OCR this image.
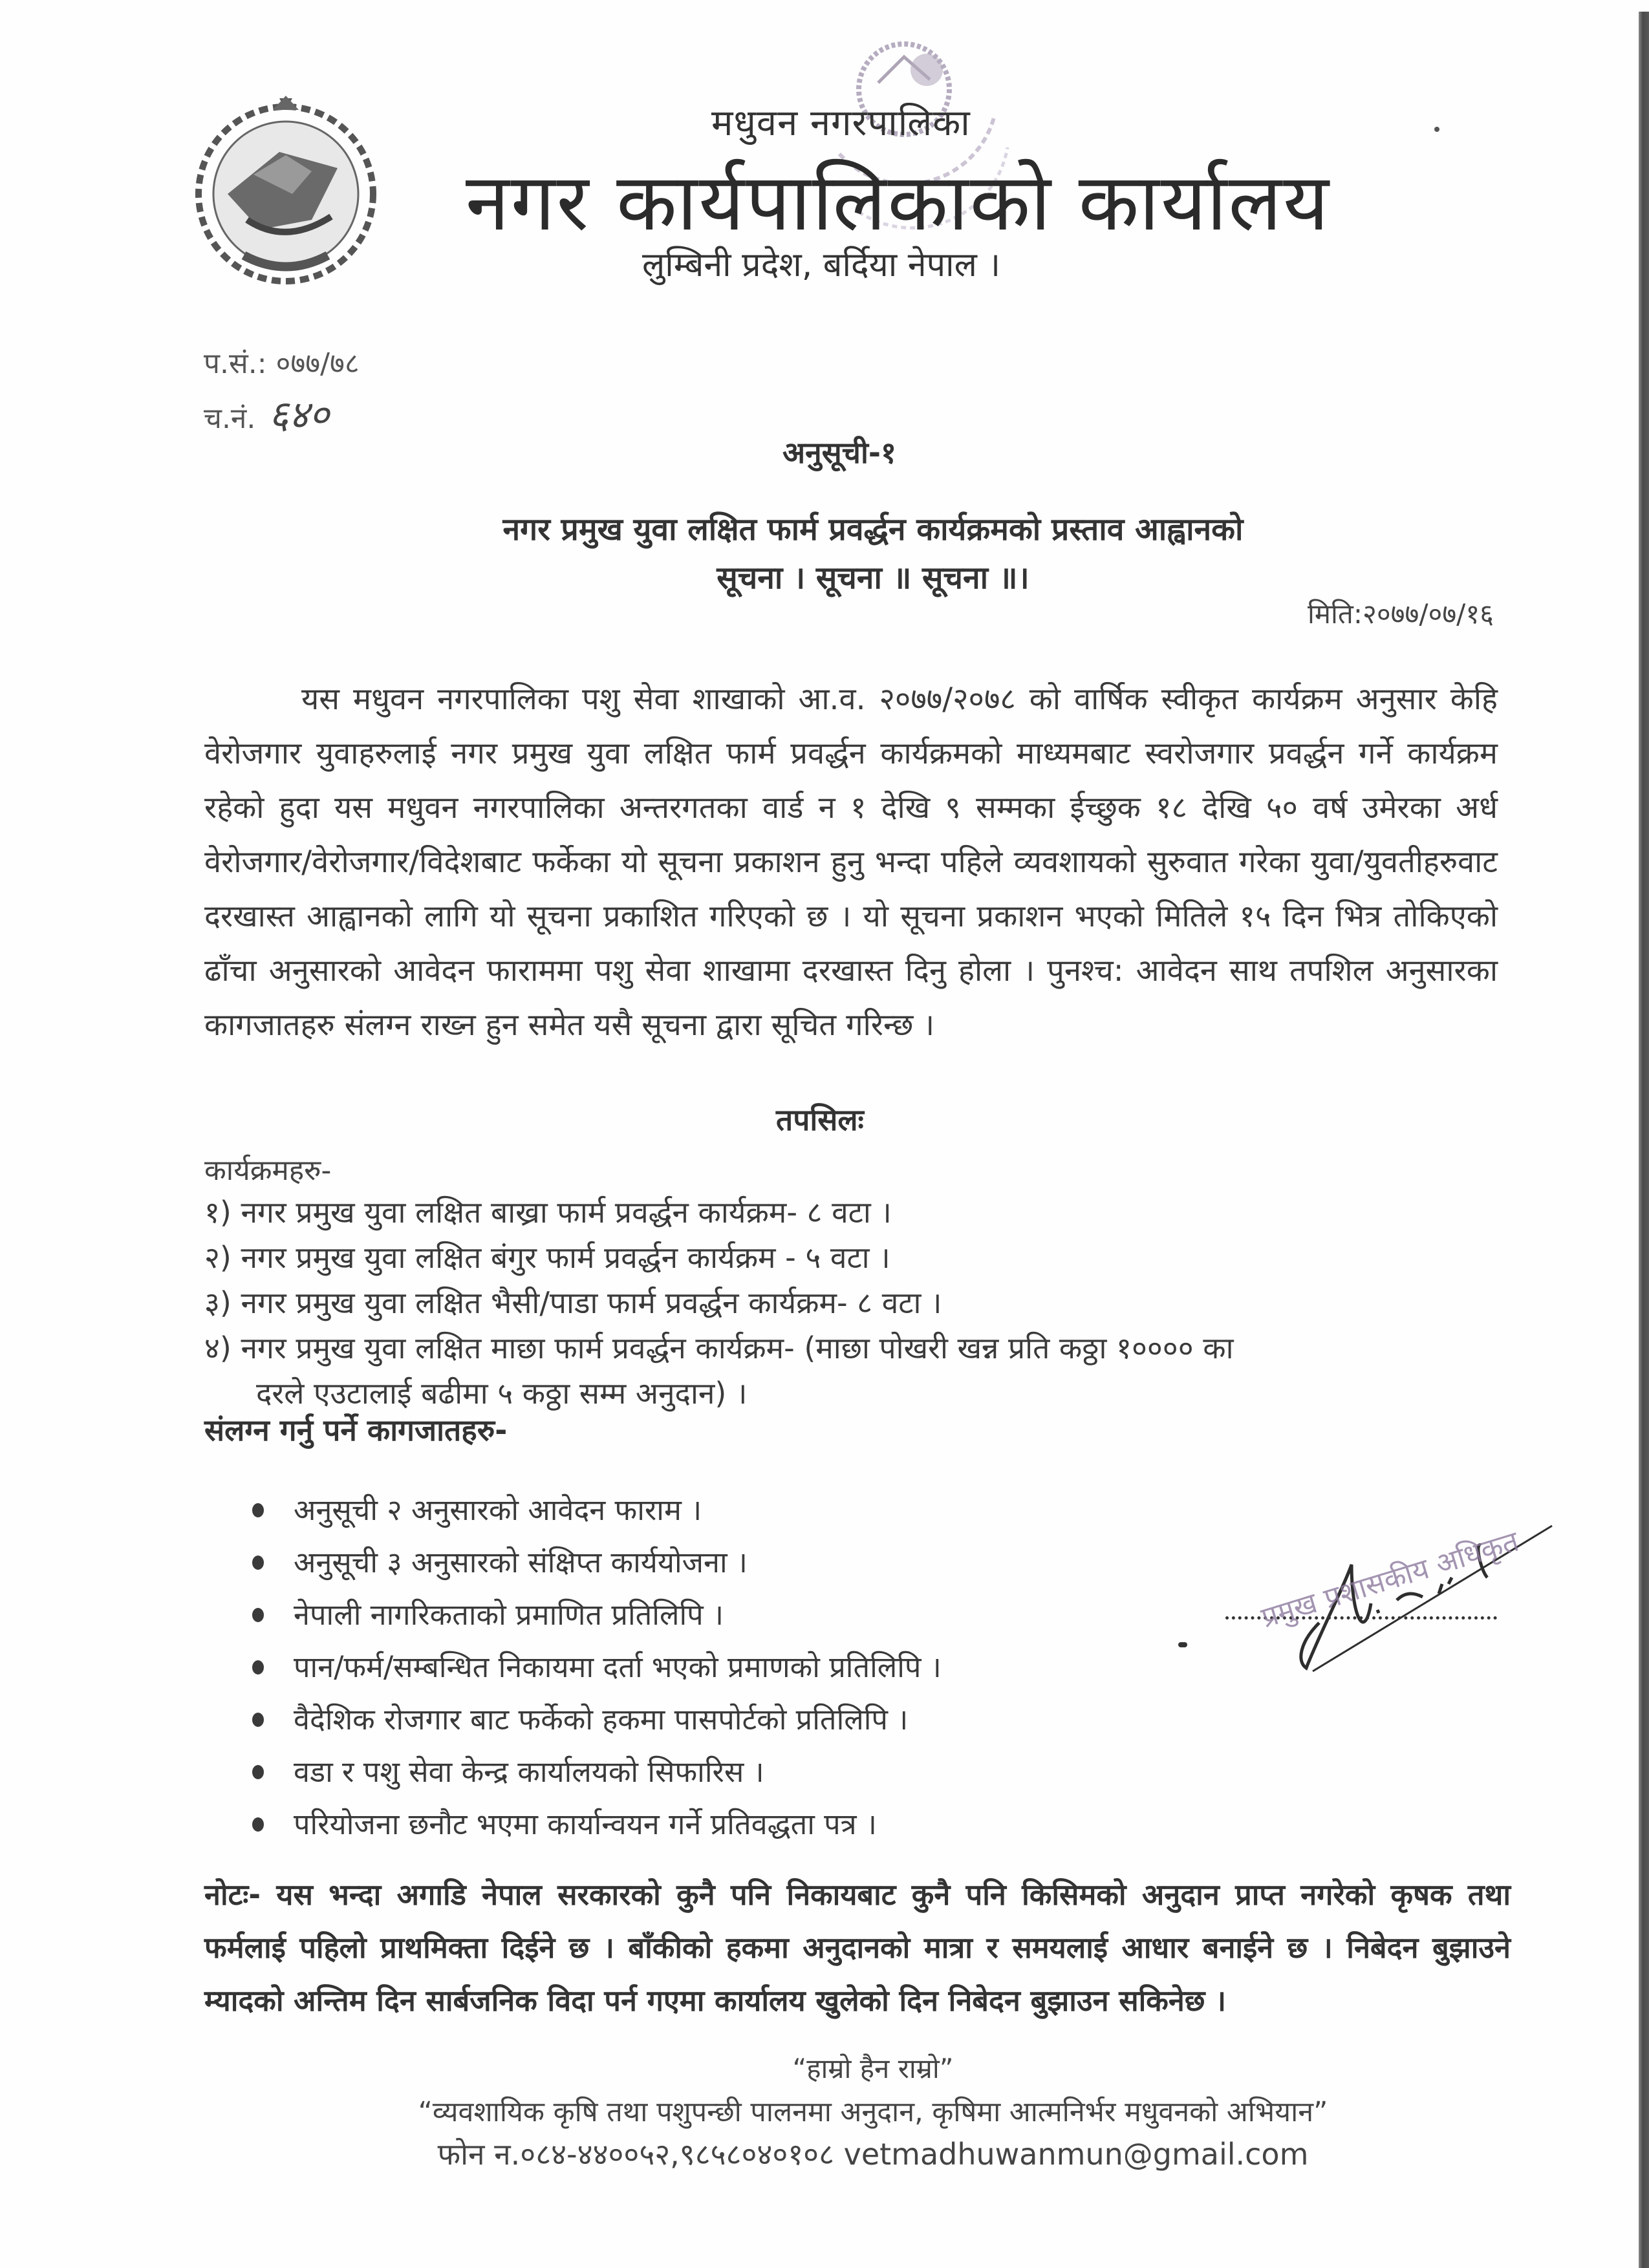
मधुवन नगरपालिका
नगर कार्यपालिकाको कार्यालय
लुम्बिनी प्रदेश, बर्दिया नेपाल ।
प.सं.: ०७७/७८
च.नं. ६४०
अनुसूची-१
नगर प्रमुख युवा लक्षित फार्म प्रवर्द्धन कार्यक्रमको प्रस्ताव आह्वानको
सूचना । सूचना ॥ सूचना ॥।
मिति:२०७७/०७/१६
यस मधुवन नगरपालिका पशु सेवा शाखाको आ.व. २०७७/२०७८ को वार्षिक स्वीकृत कार्यक्रम अनुसार केहि वेरोजगार युवाहरुलाई नगर प्रमुख युवा लक्षित फार्म प्रवर्द्धन कार्यक्रमको माध्यमबाट स्वरोजगार प्रवर्द्धन गर्ने कार्यक्रम रहेको हुदा यस मधुवन नगरपालिका अन्तरगतका वार्ड न १ देखि ९ सम्मका ईच्छुक १८ देखि ५० वर्ष उमेरका अर्ध वेरोजगार/वेरोजगार/विदेशबाट फर्केका यो सूचना प्रकाशन हुनु भन्दा पहिले व्यवशायको सुरुवात गरेका युवा/युवतीहरुवाट दरखास्त आह्वानको लागि यो सूचना प्रकाशित गरिएको छ । यो सूचना प्रकाशन भएको मितिले १५ दिन भित्र तोकिएको ढाँचा अनुसारको आवेदन फाराममा पशु सेवा शाखामा दरखास्त दिनु होला । पुनश्च: आवेदन साथ तपशिल अनुसारका कागजातहरु संलग्न राख्न हुन समेत यसै सूचना द्वारा सूचित गरिन्छ ।
तपसिलः
कार्यक्रमहरु-
१) नगर प्रमुख युवा लक्षित बाख्रा फार्म प्रवर्द्धन कार्यक्रम- ८ वटा ।
२) नगर प्रमुख युवा लक्षित बंगुर फार्म प्रवर्द्धन कार्यक्रम - ५ वटा ।
३) नगर प्रमुख युवा लक्षित भैसी/पाडा फार्म प्रवर्द्धन कार्यक्रम- ८ वटा ।
४) नगर प्रमुख युवा लक्षित माछा फार्म प्रवर्द्धन कार्यक्रम- (माछा पोखरी खन्न प्रति कठ्ठा १०००० का
दरले एउटालाई बढीमा ५ कठ्ठा सम्म अनुदान) ।
संलग्न गर्नु पर्ने कागजातहरु-
अनुसूची २ अनुसारको आवेदन फाराम ।
अनुसूची ३ अनुसारको संक्षिप्त कार्ययोजना ।
नेपाली नागरिकताको प्रमाणित प्रतिलिपि ।
पान/फर्म/सम्बन्धित निकायमा दर्ता भएको प्रमाणको प्रतिलिपि ।
वैदेशिक रोजगार बाट फर्केको हकमा पासपोर्टको प्रतिलिपि ।
वडा र पशु सेवा केन्द्र कार्यालयको सिफारिस ।
परियोजना छनौट भएमा कार्यान्वयन गर्ने प्रतिवद्धता पत्र ।
प्रमुख प्रशासकीय अधिकृत
नोटः- यस भन्दा अगाडि नेपाल सरकारको कुनै पनि निकायबाट कुनै पनि किसिमको अनुदान प्राप्त नगरेको कृषक तथा फर्मलाई पहिलो प्राथमिक्ता दिईने छ । बाँकीको हकमा अनुदानको मात्रा र समयलाई आधार बनाईने छ । निबेदन बुझाउने म्यादको अन्तिम दिन सार्बजनिक विदा पर्न गएमा कार्यालय खुलेको दिन निबेदन बुझाउन सकिनेछ ।
“हाम्रो हैन राम्रो”
“व्यवशायिक कृषि तथा पशुपन्छी पालनमा अनुदान, कृषिमा आत्मनिर्भर मधुवनको अभियान”
फोन न.०८४-४४००५२,९८५८०४०१०८ vetmadhuwanmun@gmail.com
